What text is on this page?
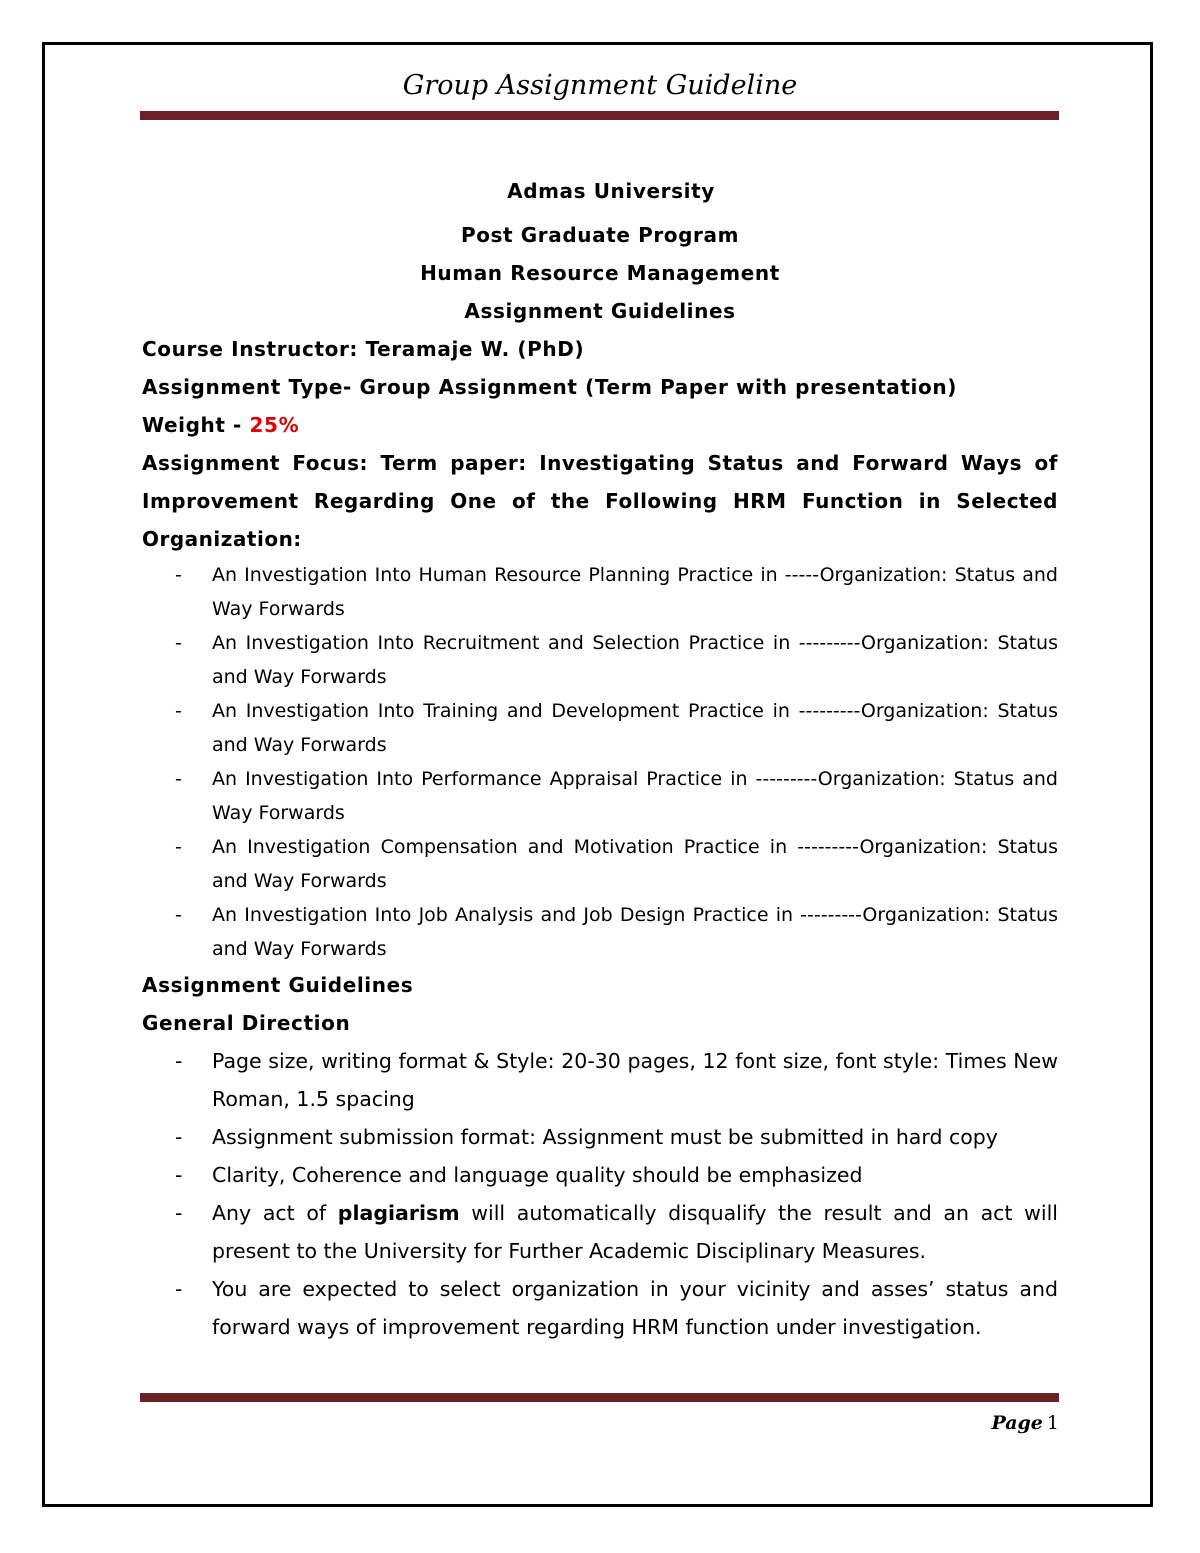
Group Assignment Guideline
Admas University
Post Graduate Program
Human Resource Management
Assignment Guidelines
Course Instructor: Teramaje W. (PhD)
Assignment Type- Group Assignment (Term Paper with presentation)
Weight - 25%
Assignment Focus: Term paper: Investigating Status and Forward Ways of Improvement Regarding One of the Following HRM Function in Selected Organization:
- An Investigation Into Human Resource Planning Practice in -----Organization: Status and Way Forwards
- An Investigation Into Recruitment and Selection Practice in ---------Organization: Status and Way Forwards
- An Investigation Into Training and Development Practice in ---------Organization: Status and Way Forwards
- An Investigation Into Performance Appraisal Practice in ---------Organization: Status and Way Forwards
- An Investigation Compensation and Motivation Practice in ---------Organization: Status and Way Forwards
- An Investigation Into Job Analysis and Job Design Practice in ---------Organization: Status and Way Forwards
Assignment Guidelines
General Direction
- Page size, writing format & Style: 20-30 pages, 12 font size, font style: Times New Roman, 1.5 spacing
- Assignment submission format: Assignment must be submitted in hard copy
- Clarity, Coherence and language quality should be emphasized
- Any act of plagiarism will automatically disqualify the result and an act will present to the University for Further Academic Disciplinary Measures.
- You are expected to select organization in your vicinity and asses’ status and forward ways of improvement regarding HRM function under investigation.
Page 1
